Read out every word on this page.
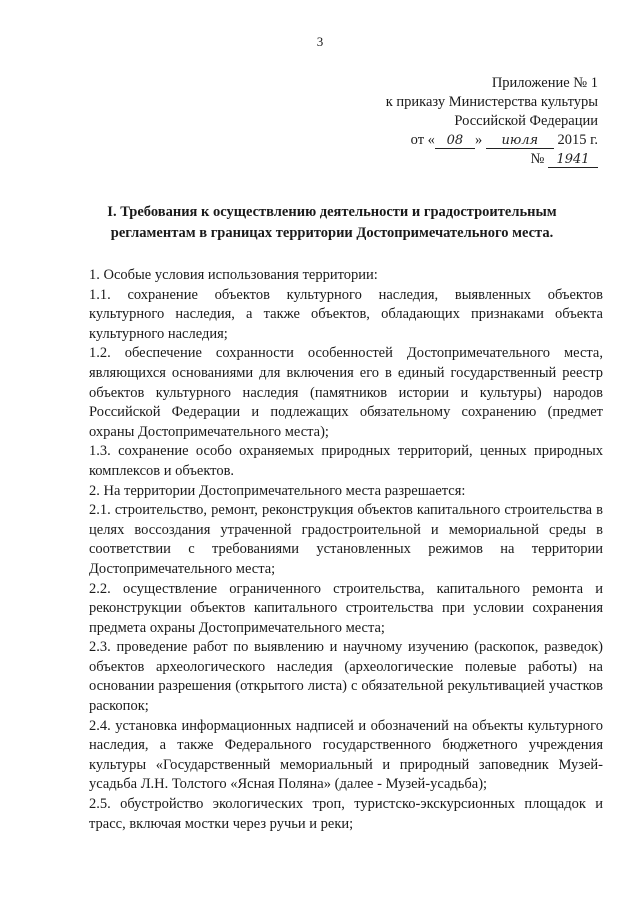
3
Приложение № 1
к приказу Министерства культуры
Российской Федерации
от « 08 » июля 2015 г.
№ 1941
I. Требования к осуществлению деятельности и градостроительным регламентам в границах территории Достопримечательного места.

1. Особые условия использования территории:

1.1. сохранение объектов культурного наследия, выявленных объектов культурного наследия, а также объектов, обладающих признаками объекта культурного наследия;

1.2. обеспечение сохранности особенностей Достопримечательного места, являющихся основаниями для включения его в единый государственный реестр объектов культурного наследия (памятников истории и культуры) народов Российской Федерации и подлежащих обязательному сохранению (предмет охраны Достопримечательного места);

1.3. сохранение особо охраняемых природных территорий, ценных природных комплексов и объектов.

2. На территории Достопримечательного места разрешается:

2.1. строительство, ремонт, реконструкция объектов капитального строительства в целях воссоздания утраченной градостроительной и мемориальной среды в соответствии с требованиями установленных режимов на территории Достопримечательного места;

2.2. осуществление ограниченного строительства, капитального ремонта и реконструкции объектов капитального строительства при условии сохранения предмета охраны Достопримечательного места;

2.3. проведение работ по выявлению и научному изучению (раскопок, разведок) объектов археологического наследия (археологические полевые работы) на основании разрешения (открытого листа) с обязательной рекультивацией участков раскопок;

2.4. установка информационных надписей и обозначений на объекты культурного наследия, а также Федерального государственного бюджетного учреждения культуры «Государственный мемориальный и природный заповедник Музей-усадьба Л.Н. Толстого «Ясная Поляна» (далее - Музей-усадьба);

2.5. обустройство экологических троп, туристско-экскурсионных площадок и трасс, включая мостки через ручьи и реки;
